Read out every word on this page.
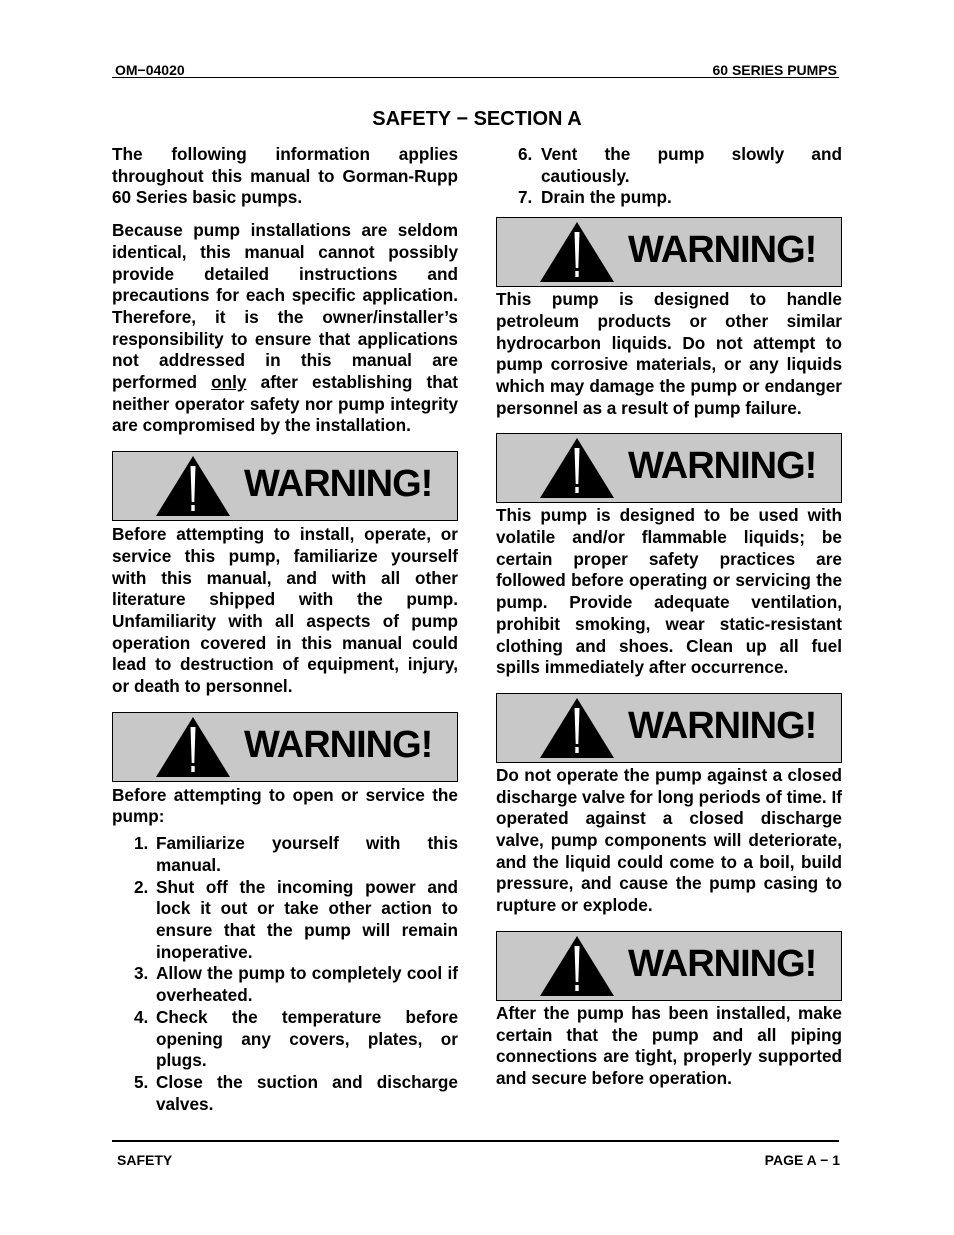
OM−04020	60 SERIES PUMPS
SAFETY − SECTION A

The following information applies throughout this manual to Gorman-Rupp 60 Series basic pumps.

Because pump installations are seldom identical, this manual cannot possibly provide detailed instructions and precautions for each specific application. Therefore, it is the owner/installer’s responsibility to ensure that applications not addressed in this manual are performed only after establishing that neither operator safety nor pump integrity are compromised by the installation.

WARNING!

Before attempting to install, operate, or service this pump, familiarize yourself with this manual, and with all other literature shipped with the pump. Unfamiliarity with all aspects of pump operation covered in this manual could lead to destruction of equipment, injury, or death to personnel.

WARNING!

Before attempting to open or service the pump:

1. Familiarize yourself with this manual.
2. Shut off the incoming power and lock it out or take other action to ensure that the pump will remain inoperative.
3. Allow the pump to completely cool if overheated.
4. Check the temperature before opening any covers, plates, or plugs.
5. Close the suction and discharge valves.
6. Vent the pump slowly and cautiously.
7. Drain the pump.
WARNING!

This pump is designed to handle petroleum products or other similar hydrocarbon liquids. Do not attempt to pump corrosive materials, or any liquids which may damage the pump or endanger personnel as a result of pump failure.

WARNING!

This pump is designed to be used with volatile and/or flammable liquids; be certain proper safety practices are followed before operating or servicing the pump. Provide adequate ventilation, prohibit smoking, wear static-resistant clothing and shoes. Clean up all fuel spills immediately after occurrence.

WARNING!

Do not operate the pump against a closed discharge valve for long periods of time. If operated against a closed discharge valve, pump components will deteriorate, and the liquid could come to a boil, build pressure, and cause the pump casing to rupture or explode.

WARNING!

After the pump has been installed, make certain that the pump and all piping connections are tight, properly supported and secure before operation.

SAFETY	PAGE A − 1
